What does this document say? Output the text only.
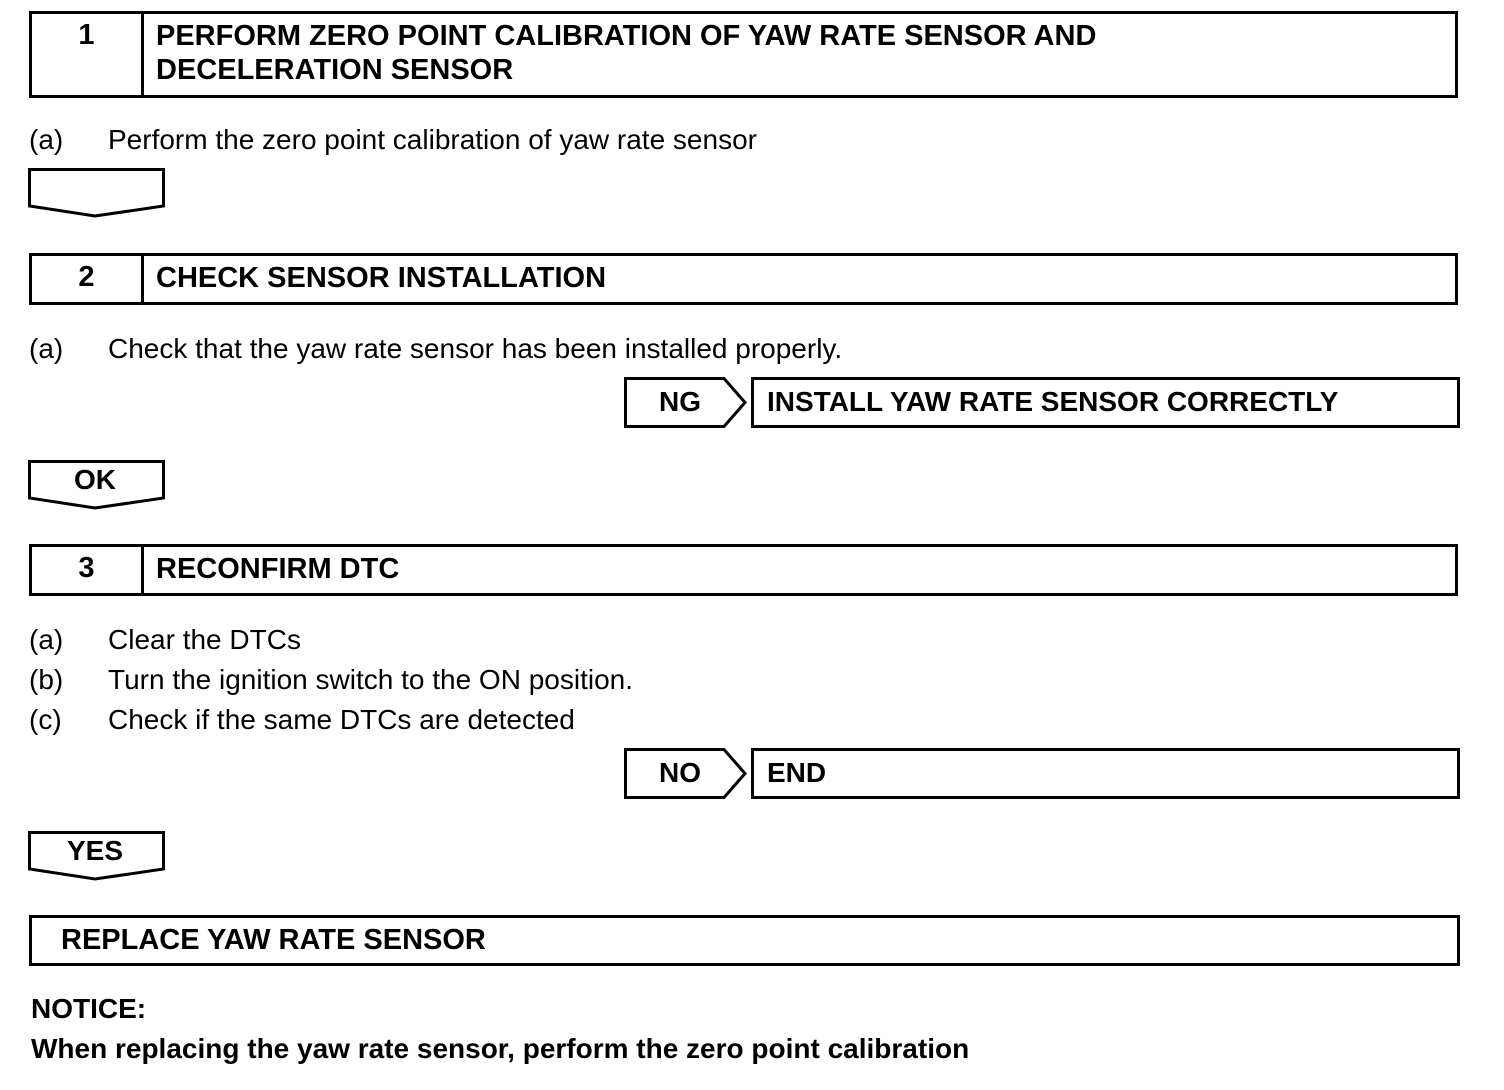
1	PERFORM ZERO POINT CALIBRATION OF YAW RATE SENSOR AND
DECELERATION SENSOR
(a) Perform the zero point calibration of yaw rate sensor
2	CHECK SENSOR INSTALLATION
(a) Check that the yaw rate sensor has been installed properly.
NG	INSTALL YAW RATE SENSOR CORRECTLY
OK
3	RECONFIRM DTC
(a) Clear the DTCs
(b) Turn the ignition switch to the ON position.
(c) Check if the same DTCs are detected
NO	END
YES
REPLACE YAW RATE SENSOR
NOTICE:
When replacing the yaw rate sensor, perform the zero point calibration
